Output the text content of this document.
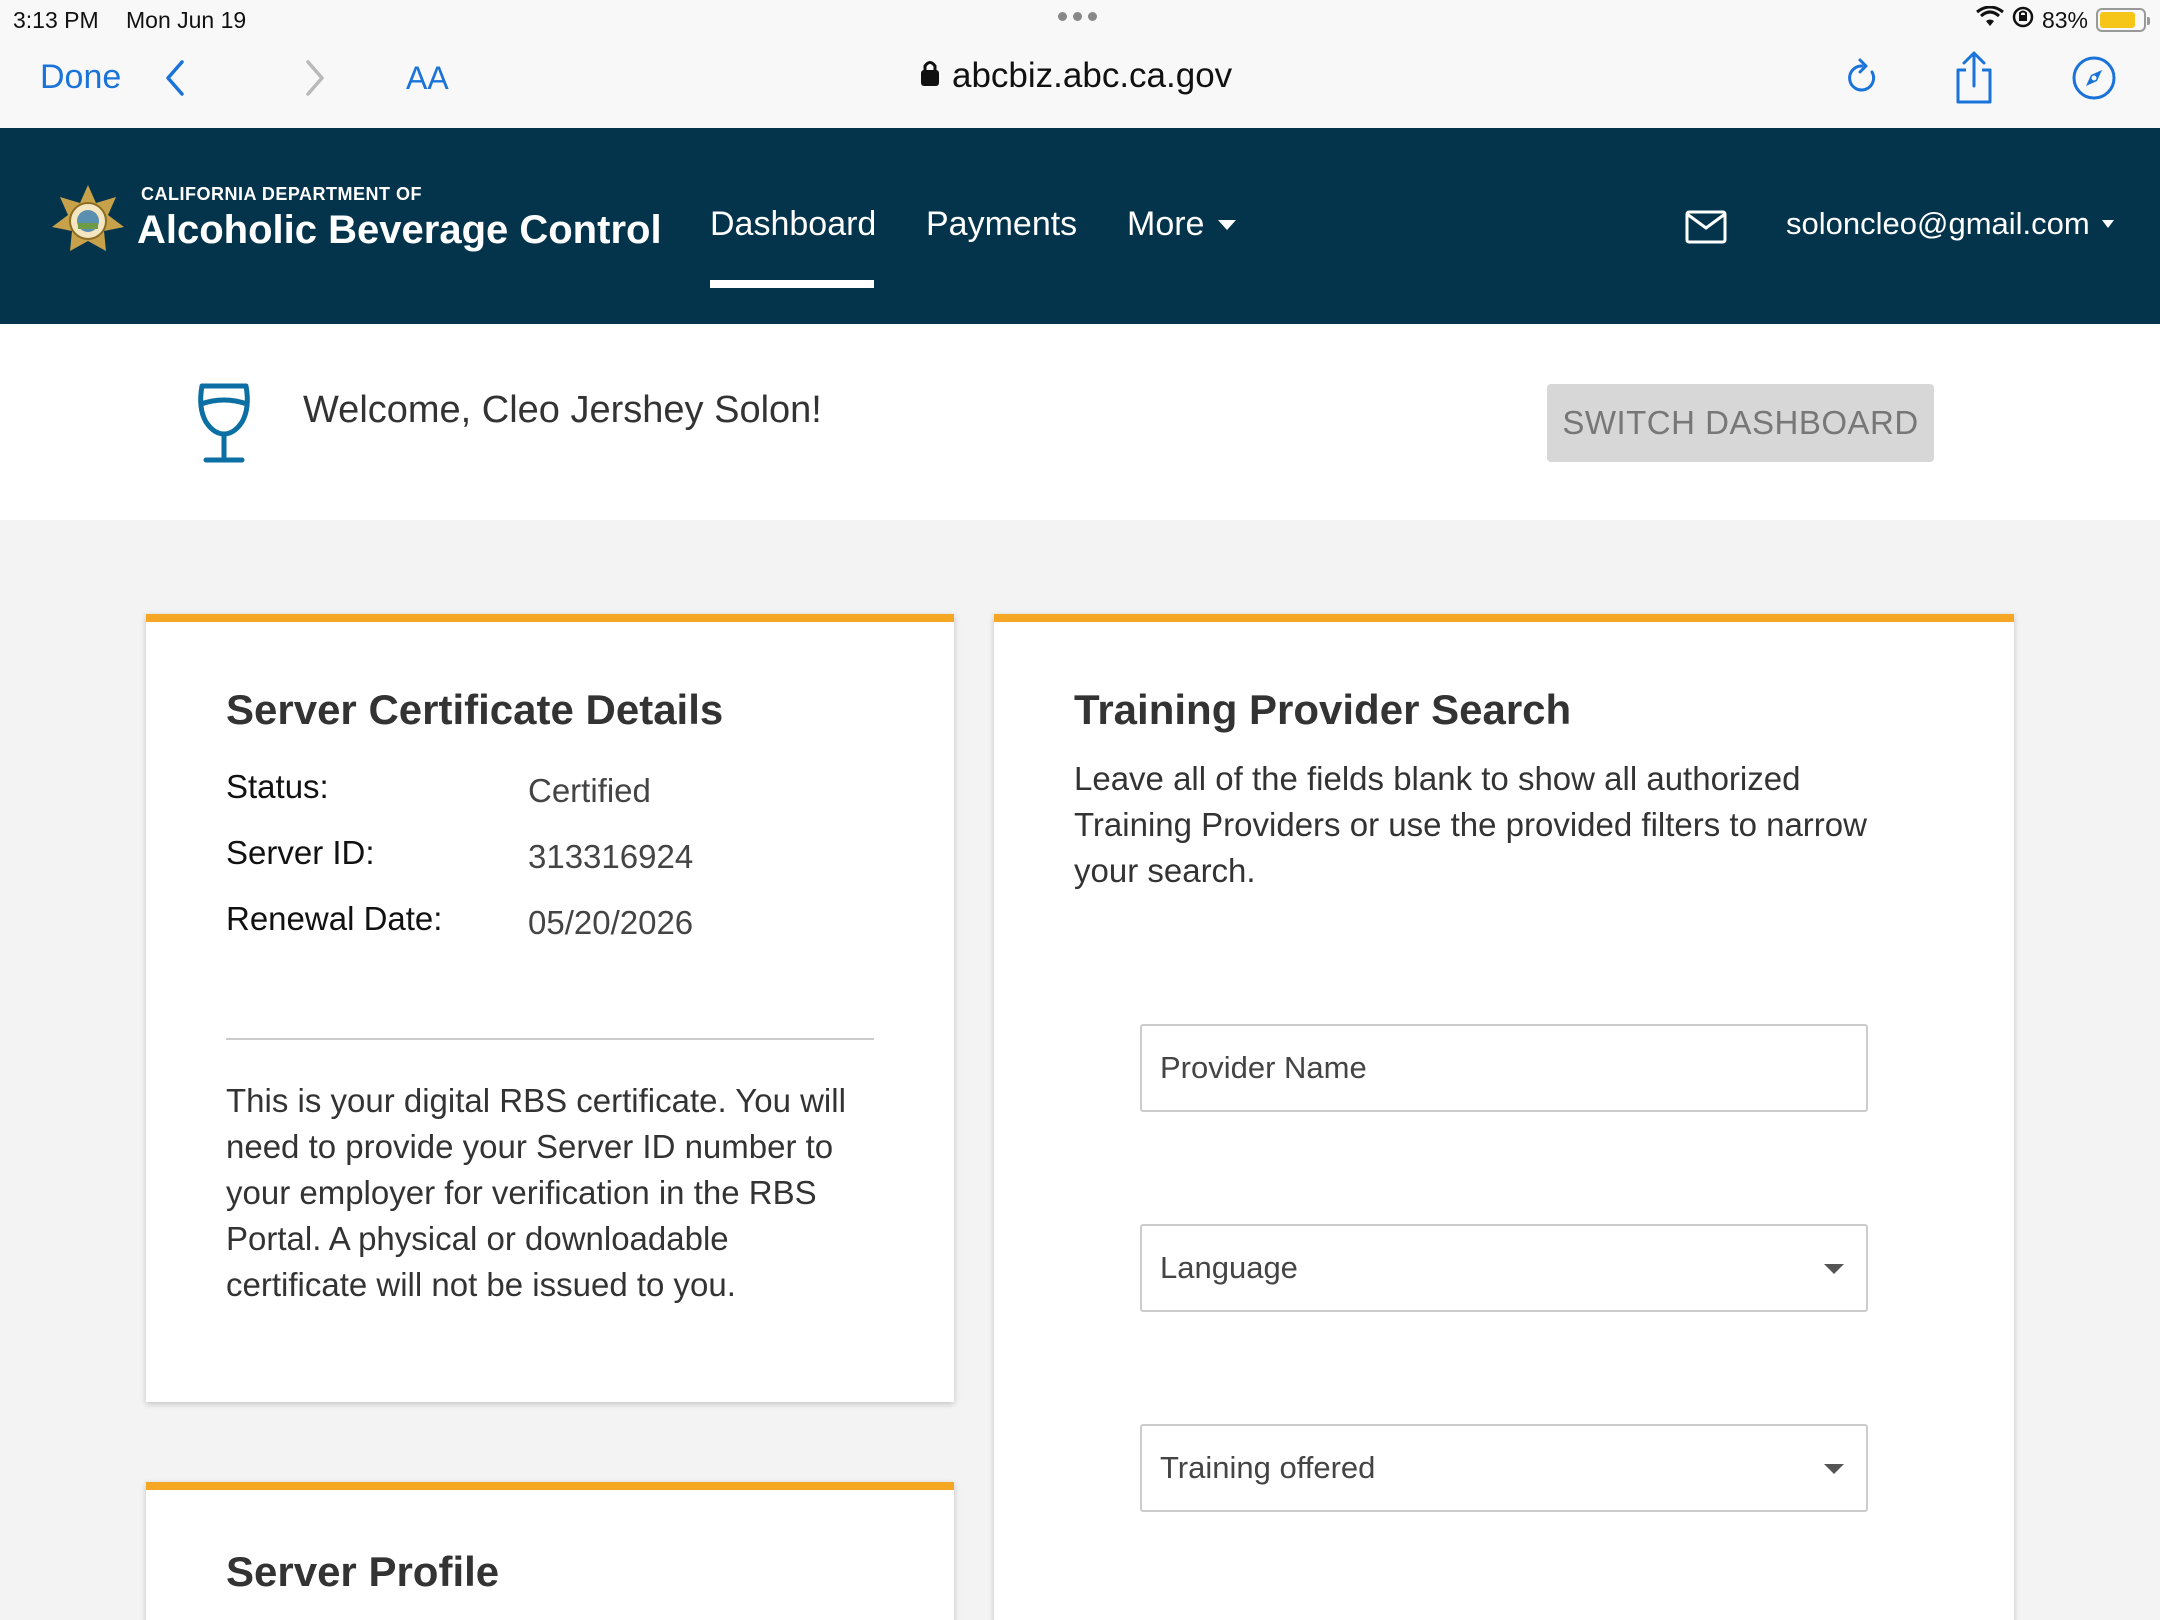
3:13 PM Mon Jun 19	83%
Done	AA	abcbiz.abc.ca.gov
CALIFORNIA DEPARTMENT OF
Alcoholic Beverage Control Dashboard Payments More	soloncleo@gmail.com
Welcome, Cleo Jershey Solon!	SWITCH DASHBOARD
Server Certificate Details
Status:	Certified
Server ID:	313316924
Renewal Date:	05/20/2026

This is your digital RBS certificate. You will need to provide your Server ID number to your employer for verification in the RBS Portal. A physical or downloadable certificate will not be issued to you.

Training Provider Search

Leave all of the fields blank to show all authorized Training Providers or use the provided filters to narrow your search.

Provider Name
Language
Training offered
Server Profile
